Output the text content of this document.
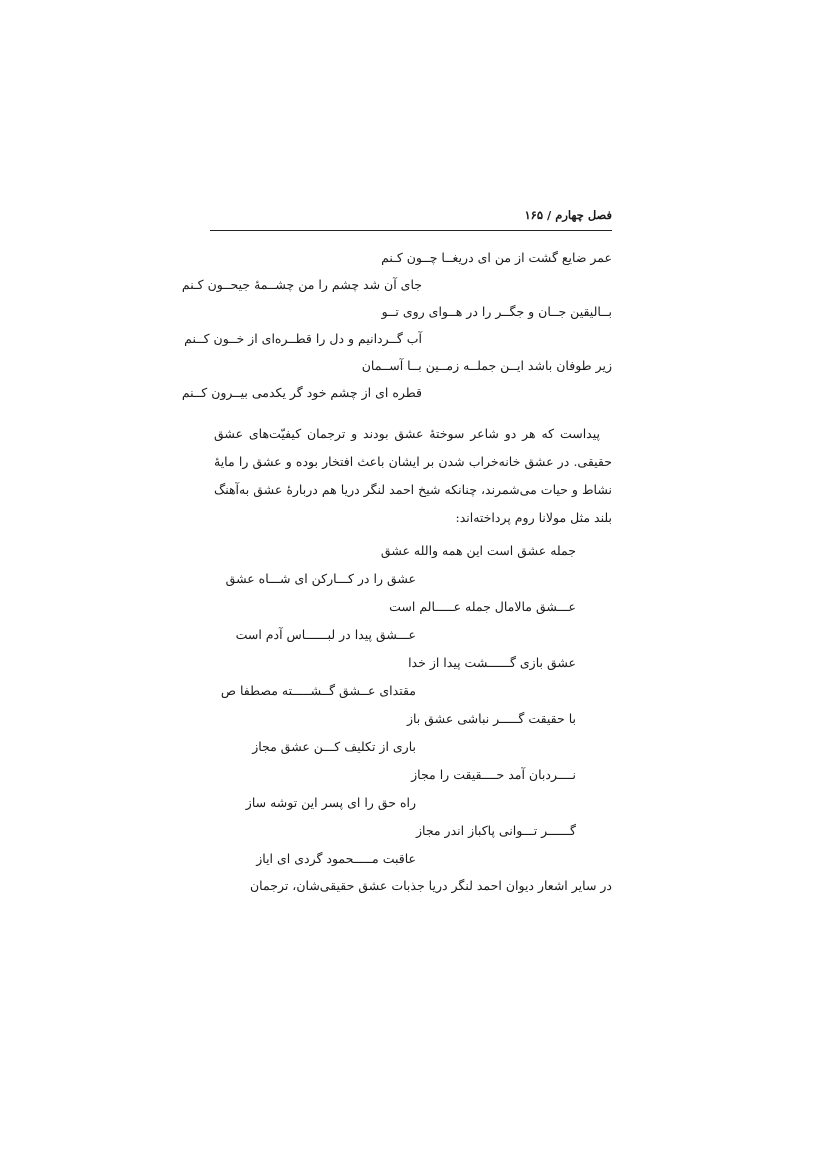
فصل چهارم / ۱۶۵
عمر ضایع گشت از من ای دریغــا چــون کـنم
جای آن شد چشم را من چشــمهٔ جیحــون کـنم
بــالیقین جــان و جگــر را در هــوای روی تــو
آب گــردانیم و دل را قطــره‌ای از خــون کــنم
زیر طوفان باشد ایــن جملــه زمــین بــا آســمان
قطره ای از چشم خود گر یکدمی بیــرون کــنم
پیداست که هر دو شاعر سوختهٔ عشق بودند و ترجمان کیفیّت‌های عشق
حقیقی. در عشق خانه‌خراب شدن بر ایشان باعث افتخار بوده و عشق را مایهٔ
نشاط و حیات می‌شمرند، چنانکه شیخ احمد لنگر دریا هم دربارهٔ عشق به‌آهنگ
بلند مثل مولانا روم پرداخته‌اند:
جمله عشق است این همه والله عشق
عشق را در کـــارکن ای شـــاه عشق
عـــشق مالامال جمله عـــــالم است
عـــشق پیدا در لبــــــاس آدم است
عشق بازی گــــــشت پیدا از خدا
مقتدای عــشق گــشـــــته مصطفا ص
با حقیقت گـــــر نباشی عشق باز
باری از تکلیف کـــن عشق مجاز
نــــردبان آمد حــــقیقت را مجاز
راه حق را ای پسر این توشه ساز
گــــــر تـــوانی پاکباز اندر مجاز
عاقبت مـــــحمود گردی ای ایاز
در سایر اشعار دیوان احمد لنگر دریا جذبات عشق حقیقی‌شان، ترجمان
